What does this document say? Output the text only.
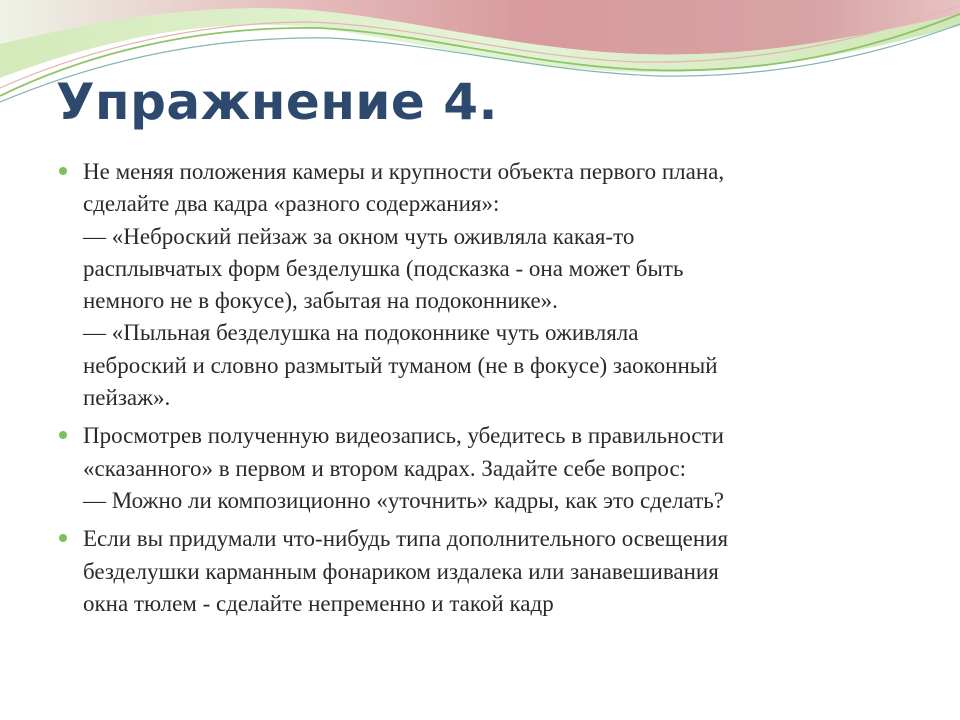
Упражнение 4.
Не меняя положения камеры и крупности объекта первого плана,
сделайте два кадра «разного содержания»:
— «Неброский пейзаж за окном чуть оживляла какая-то
расплывчатых форм безделушка (подсказка - она может быть
немного не в фокусе), забытая на подоконнике».
— «Пыльная безделушка на подоконнике чуть оживляла
неброский и словно размытый туманом (не в фокусе) заоконный
пейзаж».
Просмотрев полученную видеозапись, убедитесь в правильности
«сказанного» в первом и втором кадрах. Задайте себе вопрос:
— Можно ли композиционно «уточнить» кадры, как это сделать?
Если вы придумали что-нибудь типа дополнительного освещения
безделушки карманным фонариком издалека или занавешивания
окна тюлем - сделайте непременно и такой кадр
